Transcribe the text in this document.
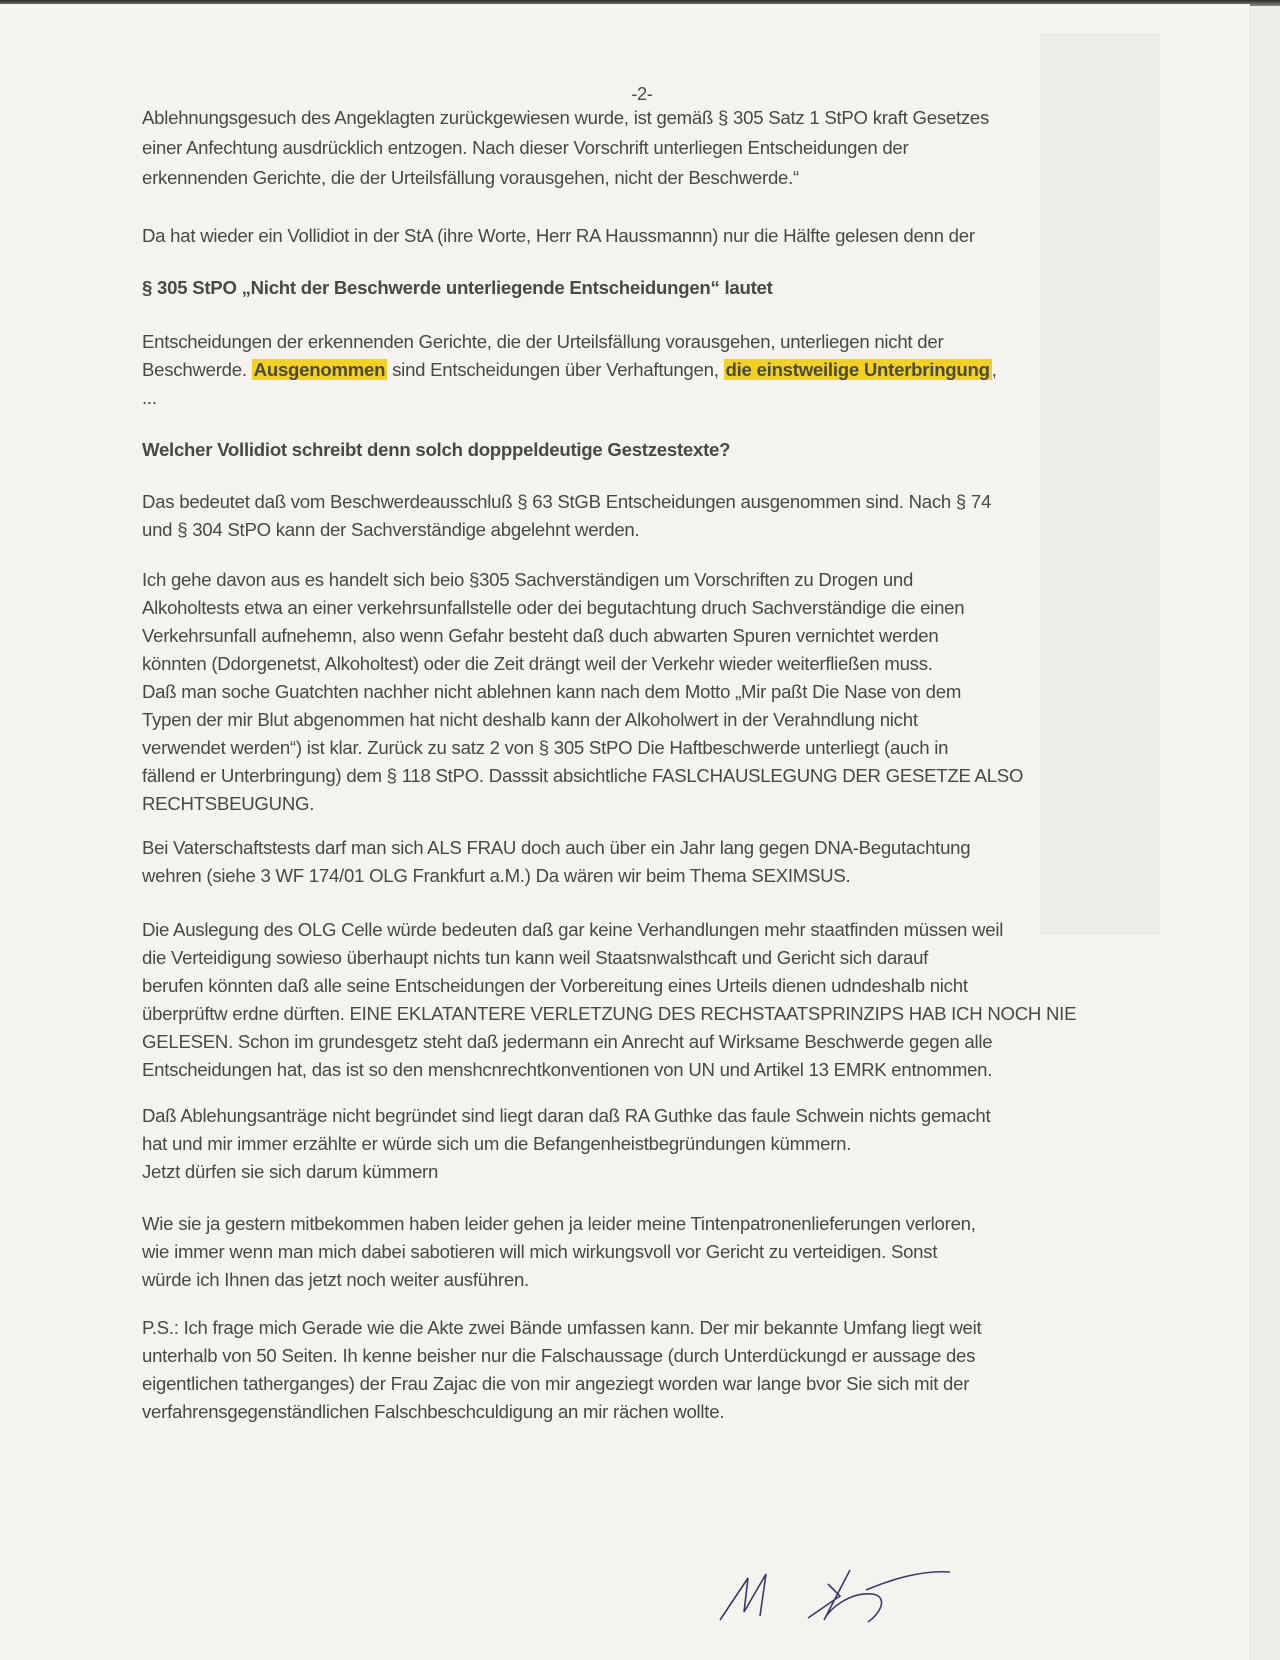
-2-

Ablehnungsgesuch des Angeklagten zurückgewiesen wurde, ist gemäß § 305 Satz 1 StPO kraft Gesetzes

einer Anfechtung ausdrücklich entzogen. Nach dieser Vorschrift unterliegen Entscheidungen der

erkennenden Gerichte, die der Urteilsfällung vorausgehen, nicht der Beschwerde.“

Da hat wieder ein Vollidiot in der StA (ihre Worte, Herr RA Haussmannn) nur die Hälfte gelesen denn der

§ 305 StPO „Nicht der Beschwerde unterliegende Entscheidungen“ lautet

Entscheidungen der erkennenden Gerichte, die der Urteilsfällung vorausgehen, unterliegen nicht der

Beschwerde. Ausgenommen sind Entscheidungen über Verhaftungen, die einstweilige Unterbringung ,

...

Welcher Vollidiot schreibt denn solch dopppeldeutige Gestzestexte?

Das bedeutet daß vom Beschwerdeausschluß § 63 StGB Entscheidungen ausgenommen sind. Nach § 74

und § 304 StPO kann der Sachverständige abgelehnt werden.

Ich gehe davon aus es handelt sich beio §305 Sachverständigen um Vorschriften zu Drogen und

Alkoholtests etwa an einer verkehrsunfallstelle oder dei begutachtung druch Sachverständige die einen

Verkehrsunfall aufnehemn, also wenn Gefahr besteht daß duch abwarten Spuren vernichtet werden

könnten (Ddorgenetst, Alkoholtest) oder die Zeit drängt weil der Verkehr wieder weiterfließen muss.

Daß man soche Guatchten nachher nicht ablehnen kann nach dem Motto „Mir paßt Die Nase von dem

Typen der mir Blut abgenommen hat nicht deshalb kann der Alkoholwert in der Verahndlung nicht

verwendet werden“) ist klar. Zurück zu satz 2 von § 305 StPO Die Haftbeschwerde unterliegt (auch in

fällend er Unterbringung) dem § 118 StPO. Dasssit absichtliche FASLCHAUSLEGUNG DER GESETZE ALSO

RECHTSBEUGUNG.

Bei Vaterschaftstests darf man sich ALS FRAU doch auch über ein Jahr lang gegen DNA-Begutachtung

wehren (siehe 3 WF 174/01 OLG Frankfurt a.M.) Da wären wir beim Thema SEXIMSUS.

Die Auslegung des OLG Celle würde bedeuten daß gar keine Verhandlungen mehr staatfinden müssen weil

die Verteidigung sowieso überhaupt nichts tun kann weil Staatsnwalsthcaft und Gericht sich darauf

berufen könnten daß alle seine Entscheidungen der Vorbereitung eines Urteils dienen udndeshalb nicht

überprüftw erdne dürften. EINE EKLATANTERE VERLETZUNG DES RECHSTAATSPRINZIPS HAB ICH NOCH NIE

GELESEN. Schon im grundesgetz steht daß jedermann ein Anrecht auf Wirksame Beschwerde gegen alle

Entscheidungen hat, das ist so den menshcnrechtkonventionen von UN und Artikel 13 EMRK entnommen.

Daß Ablehungsanträge nicht begründet sind liegt daran daß RA Guthke das faule Schwein nichts gemacht

hat und mir immer erzählte er würde sich um die Befangenheistbegründungen kümmern.

Jetzt dürfen sie sich darum kümmern

Wie sie ja gestern mitbekommen haben leider gehen ja leider meine Tintenpatronenlieferungen verloren,

wie immer wenn man mich dabei sabotieren will mich wirkungsvoll vor Gericht zu verteidigen. Sonst

würde ich Ihnen das jetzt noch weiter ausführen.

P.S.: Ich frage mich Gerade wie die Akte zwei Bände umfassen kann. Der mir bekannte Umfang liegt weit

unterhalb von 50 Seiten. Ih kenne beisher nur die Falschaussage (durch Unterdückungd er aussage des

eigentlichen tatherganges) der Frau Zajac die von mir angeziegt worden war lange bvor Sie sich mit der

verfahrensgegenständlichen Falschbeschculdigung an mir rächen wollte.
